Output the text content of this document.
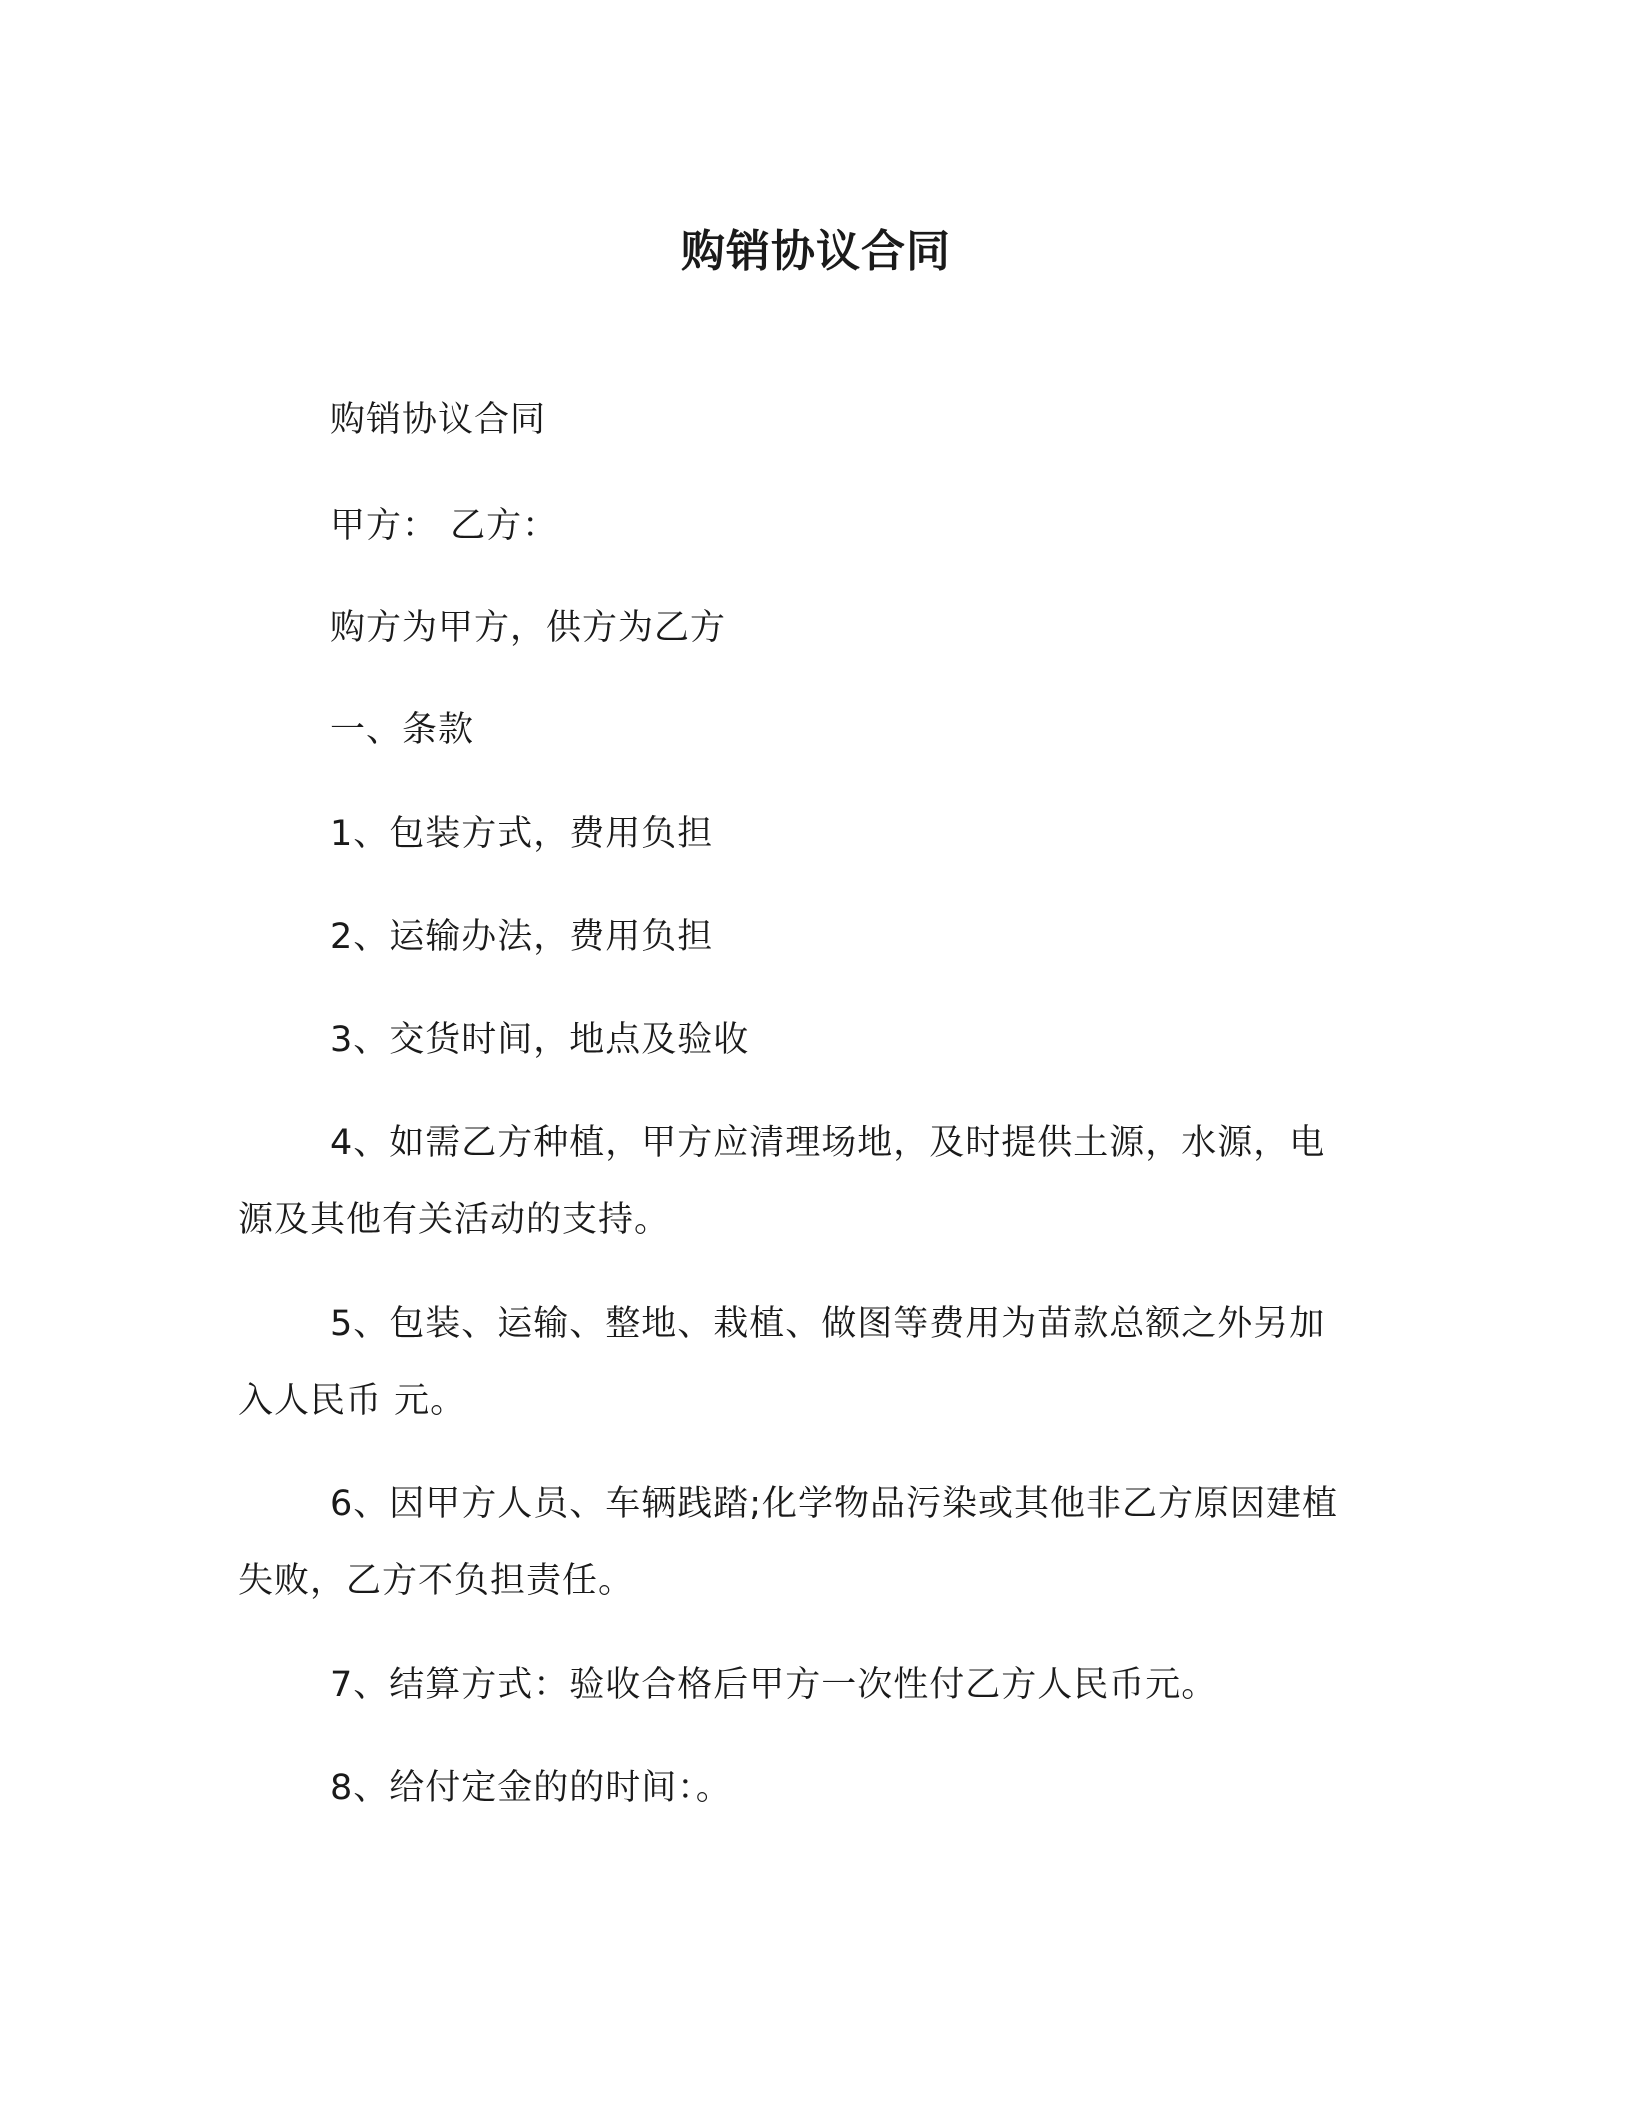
购销协议合同
购销协议合同
甲方： 乙方：
购方为甲方，供方为乙方
一、条款
1、包装方式，费用负担
2、运输办法，费用负担
3、交货时间，地点及验收
4、如需乙方种植，甲方应清理场地，及时提供土源，水源，电
源及其他有关活动的支持。
5、包装、运输、整地、栽植、做图等费用为苗款总额之外另加
入人民币 元。
6、因甲方人员、车辆践踏;化学物品污染或其他非乙方原因建植
失败，乙方不负担责任。
7、结算方式：验收合格后甲方一次性付乙方人民币元。
8、给付定金的的时间：。
